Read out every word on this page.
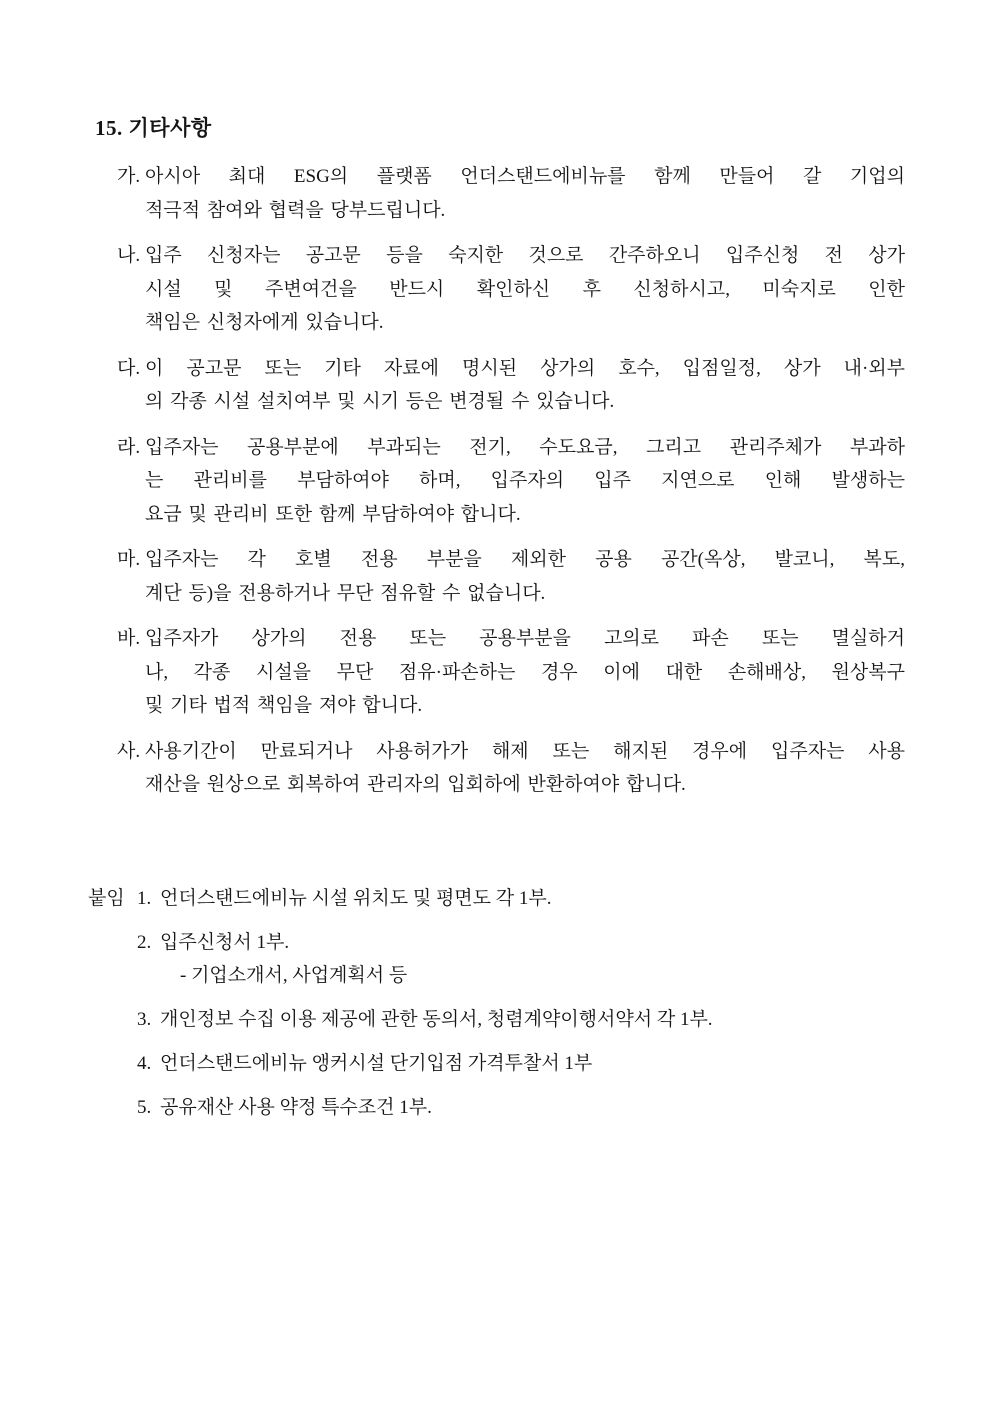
15. 기타사항
가. 아시아 최대 ESG의 플랫폼 언더스탠드에비뉴를 함께 만들어 갈 기업의
적극적 참여와 협력을 당부드립니다.
나. 입주 신청자는 공고문 등을 숙지한 것으로 간주하오니 입주신청 전 상가
시설 및 주변여건을 반드시 확인하신 후 신청하시고, 미숙지로 인한
책임은 신청자에게 있습니다.
다. 이 공고문 또는 기타 자료에 명시된 상가의 호수, 입점일정, 상가 내·외부
의 각종 시설 설치여부 및 시기 등은 변경될 수 있습니다.
라. 입주자는 공용부분에 부과되는 전기, 수도요금, 그리고 관리주체가 부과하
는 관리비를 부담하여야 하며, 입주자의 입주 지연으로 인해 발생하는
요금 및 관리비 또한 함께 부담하여야 합니다.
마. 입주자는 각 호별 전용 부분을 제외한 공용 공간(옥상, 발코니, 복도,
계단 등)을 전용하거나 무단 점유할 수 없습니다.
바. 입주자가 상가의 전용 또는 공용부분을 고의로 파손 또는 멸실하거
나, 각종 시설을 무단 점유·파손하는 경우 이에 대한 손해배상, 원상복구
및 기타 법적 책임을 져야 합니다.
사. 사용기간이 만료되거나 사용허가가 해제 또는 해지된 경우에 입주자는 사용
재산을 원상으로 회복하여 관리자의 입회하에 반환하여야 합니다.
붙임 1. 언더스탠드에비뉴 시설 위치도 및 평면도 각 1부.
2. 입주신청서 1부.
- 기업소개서, 사업계획서 등
3. 개인정보 수집 이용 제공에 관한 동의서, 청렴계약이행서약서 각 1부.
4. 언더스탠드에비뉴 앵커시설 단기입점 가격투찰서 1부
5. 공유재산 사용 약정 특수조건 1부.
